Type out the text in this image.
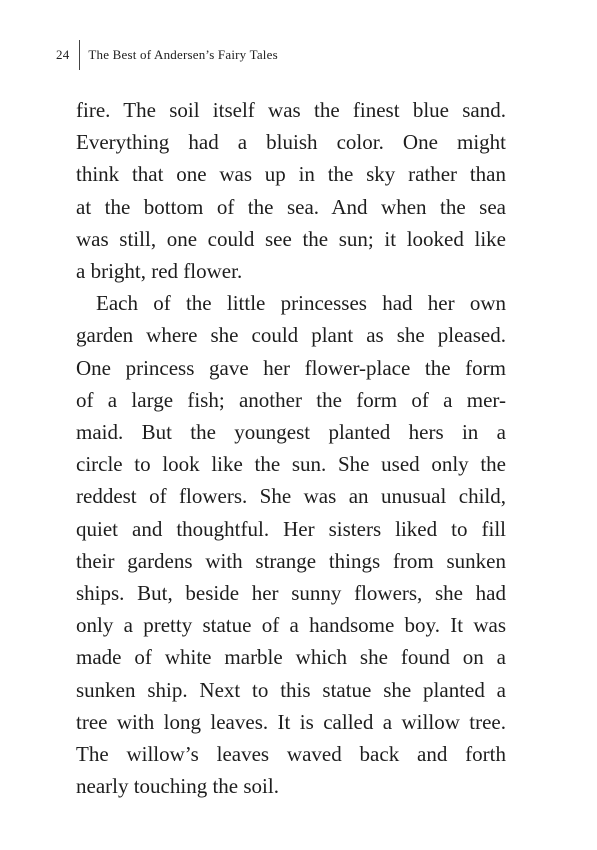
24	The Best of Andersen’s Fairy Tales

fire. The soil itself was the finest blue sand.
Everything had a bluish color. One might
think that one was up in the sky rather than
at the bottom of the sea. And when the sea
was still, one could see the sun; it looked like
a bright, red flower.

Each of the little princesses had her own
garden where she could plant as she pleased.
One princess gave her flower-place the form
of a large fish; another the form of a mer-
maid. But the youngest planted hers in a
circle to look like the sun. She used only the
reddest of flowers. She was an unusual child,
quiet and thoughtful. Her sisters liked to fill
their gardens with strange things from sunken
ships. But, beside her sunny flowers, she had
only a pretty statue of a handsome boy. It was
made of white marble which she found on a
sunken ship. Next to this statue she planted a
tree with long leaves. It is called a willow tree.
The willow’s leaves waved back and forth
nearly touching the soil.
